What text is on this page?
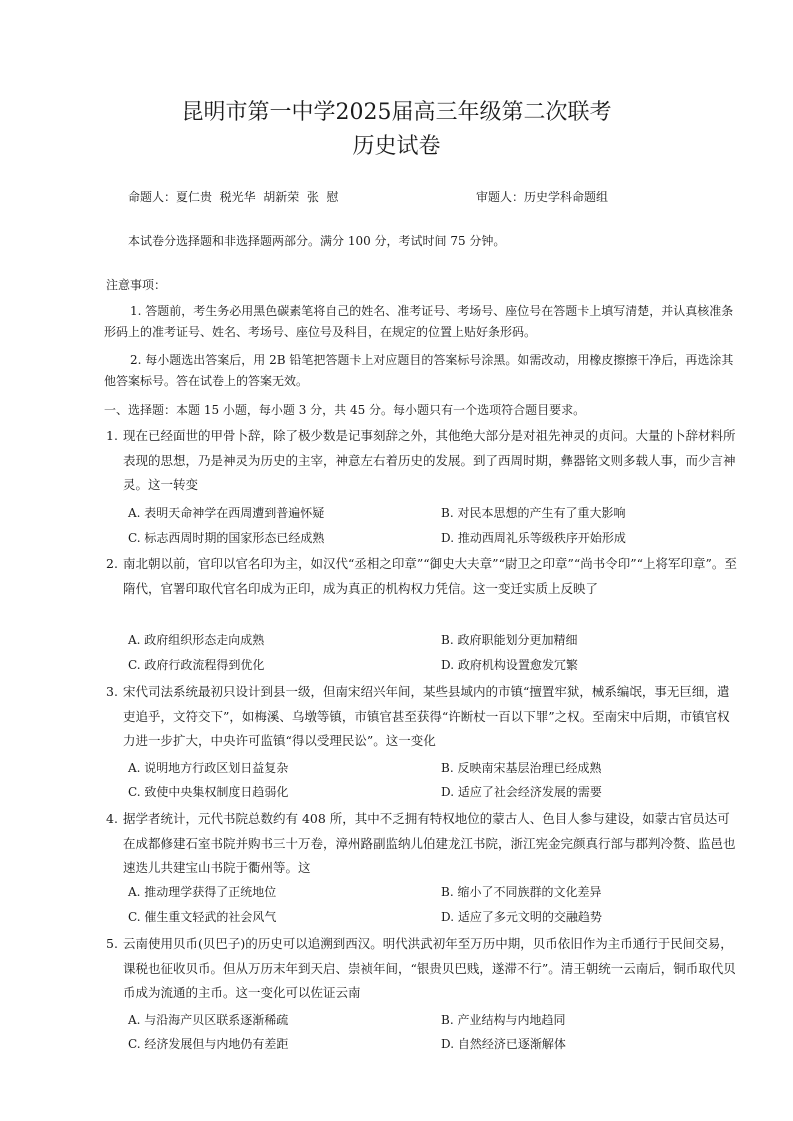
昆明市第一中学2025届高三年级第二次联考
历史试卷
命题人：夏仁贵  税光华  胡新荣  张  慰	审题人：历史学科命题组
本试卷分选择题和非选择题两部分。满分 100 分，考试时间 75 分钟。
注意事项：
1. 答题前，考生务必用黑色碳素笔将自己的姓名、准考证号、考场号、座位号在答题卡上填写清楚，并认真核准条形码上的准考证号、姓名、考场号、座位号及科目，在规定的位置上贴好条形码。
2. 每小题选出答案后，用 2B 铅笔把答题卡上对应题目的答案标号涂黑。如需改动，用橡皮擦擦干净后，再选涂其他答案标号。答在试卷上的答案无效。
一、选择题：本题 15 小题，每小题 3 分，共 45 分。每小题只有一个选项符合题目要求。
1. 现在已经面世的甲骨卜辞，除了极少数是记事刻辞之外，其他绝大部分是对祖先神灵的贞问。大量的卜辞材料所表现的思想，乃是神灵为历史的主宰，神意左右着历史的发展。到了西周时期，彝器铭文则多载人事，而少言神灵。这一转变
A. 表明天命神学在西周遭到普遍怀疑	B. 对民本思想的产生有了重大影响
C. 标志西周时期的国家形态已经成熟	D. 推动西周礼乐等级秩序开始形成
2. 南北朝以前，官印以官名印为主，如汉代“丞相之印章”“御史大夫章”“尉卫之印章”“尚书令印”“上将军印章”。至隋代，官署印取代官名印成为正印，成为真正的机构权力凭信。这一变迁实质上反映了
A. 政府组织形态走向成熟	B. 政府职能划分更加精细
C. 政府行政流程得到优化	D. 政府机构设置愈发冗繁
3. 宋代司法系统最初只设计到县一级，但南宋绍兴年间，某些县域内的市镇“擅置牢狱，械系编氓，事无巨细，遣吏追乎，文符交下”，如梅溪、乌墩等镇，市镇官甚至获得“许断杖一百以下罪”之权。至南宋中后期，市镇官权力进一步扩大，中央许可监镇“得以受理民讼”。这一变化
A. 说明地方行政区划日益复杂	B. 反映南宋基层治理已经成熟
C. 致使中央集权制度日趋弱化	D. 适应了社会经济发展的需要
4. 据学者统计，元代书院总数约有 408 所，其中不乏拥有特权地位的蒙古人、色目人参与建设，如蒙古官员达可在成都修建石室书院并购书三十万卷，漳州路副监纳儿伯建龙江书院，浙江宪金完颜真行部与郡判冷赘、监邑也速迭儿共建宝山书院于衢州等。这
A. 推动理学获得了正统地位	B. 缩小了不同族群的文化差异
C. 催生重文轻武的社会风气	D. 适应了多元文明的交融趋势
5. 云南使用贝币(贝巴子)的历史可以追溯到西汉。明代洪武初年至万历中期，贝币依旧作为主币通行于民间交易，课税也征收贝币。但从万历末年到天启、崇祯年间，“银贵贝巴贱，遂滞不行”。清王朝统一云南后，铜币取代贝币成为流通的主币。这一变化可以佐证云南
A. 与沿海产贝区联系逐渐稀疏	B. 产业结构与内地趋同
C. 经济发展但与内地仍有差距	D. 自然经济已逐渐解体
